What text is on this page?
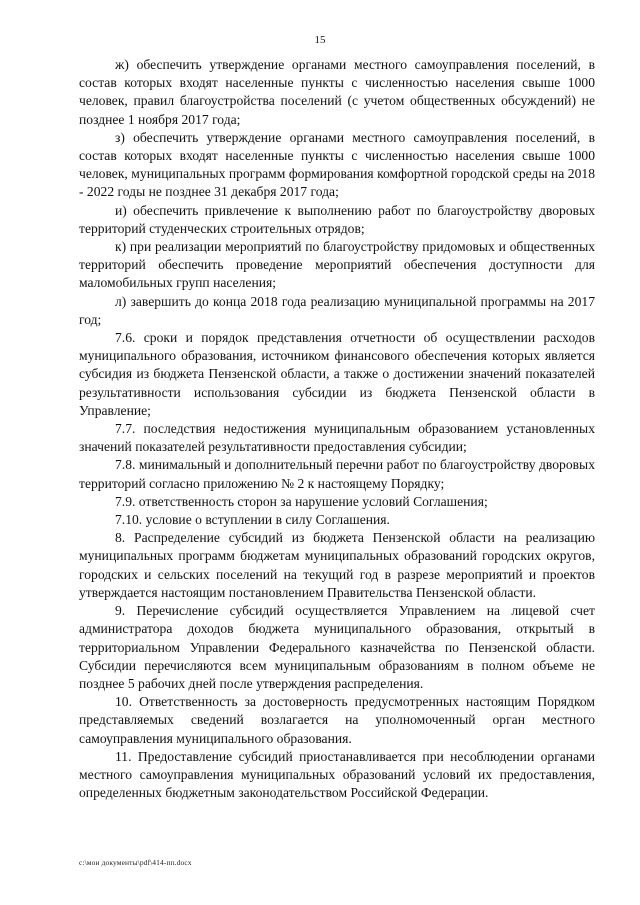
15

ж) обеспечить утверждение органами местного самоуправления поселений, в состав которых входят населенные пункты с численностью населения свыше 1000 человек, правил благоустройства поселений (с учетом общественных обсуждений) не позднее 1 ноября 2017 года;

з) обеспечить утверждение органами местного самоуправления поселений, в состав которых входят населенные пункты с численностью населения свыше 1000 человек, муниципальных программ формирования комфортной городской среды на 2018 - 2022 годы не позднее 31 декабря 2017 года;

и) обеспечить привлечение к выполнению работ по благоустройству дворовых территорий студенческих строительных отрядов;

к) при реализации мероприятий по благоустройству придомовых и общественных территорий обеспечить проведение мероприятий обеспечения доступности для маломобильных групп населения;

л) завершить до конца 2018 года реализацию муниципальной программы на 2017 год;

7.6. сроки и порядок представления отчетности об осуществлении расходов муниципального образования, источником финансового обеспечения которых является субсидия из бюджета Пензенской области, а также о достижении значений показателей результативности использования субсидии из бюджета Пензенской области в Управление;

7.7. последствия недостижения муниципальным образованием установленных значений показателей результативности предоставления субсидии;

7.8. минимальный и дополнительный перечни работ по благоустройству дворовых территорий согласно приложению № 2 к настоящему Порядку;

7.9. ответственность сторон за нарушение условий Соглашения;

7.10. условие о вступлении в силу Соглашения.

8. Распределение субсидий из бюджета Пензенской области на реализацию муниципальных программ бюджетам муниципальных образований городских округов, городских и сельских поселений на текущий год в разрезе мероприятий и проектов утверждается настоящим постановлением Правительства Пензенской области.

9. Перечисление субсидий осуществляется Управлением на лицевой счет администратора доходов бюджета муниципального образования, открытый в территориальном Управлении Федерального казначейства по Пензенской области. Субсидии перечисляются всем муниципальным образованиям в полном объеме не позднее 5 рабочих дней после утверждения распределения.

10. Ответственность за достоверность предусмотренных настоящим Порядком представляемых сведений возлагается на уполномоченный орган местного самоуправления муниципального образования.

11. Предоставление субсидий приостанавливается при несоблюдении органами местного самоуправления муниципальных образований условий их предоставления, определенных бюджетным законодательством Российской Федерации.

c:\мои документы\pdf\414-пп.docx
